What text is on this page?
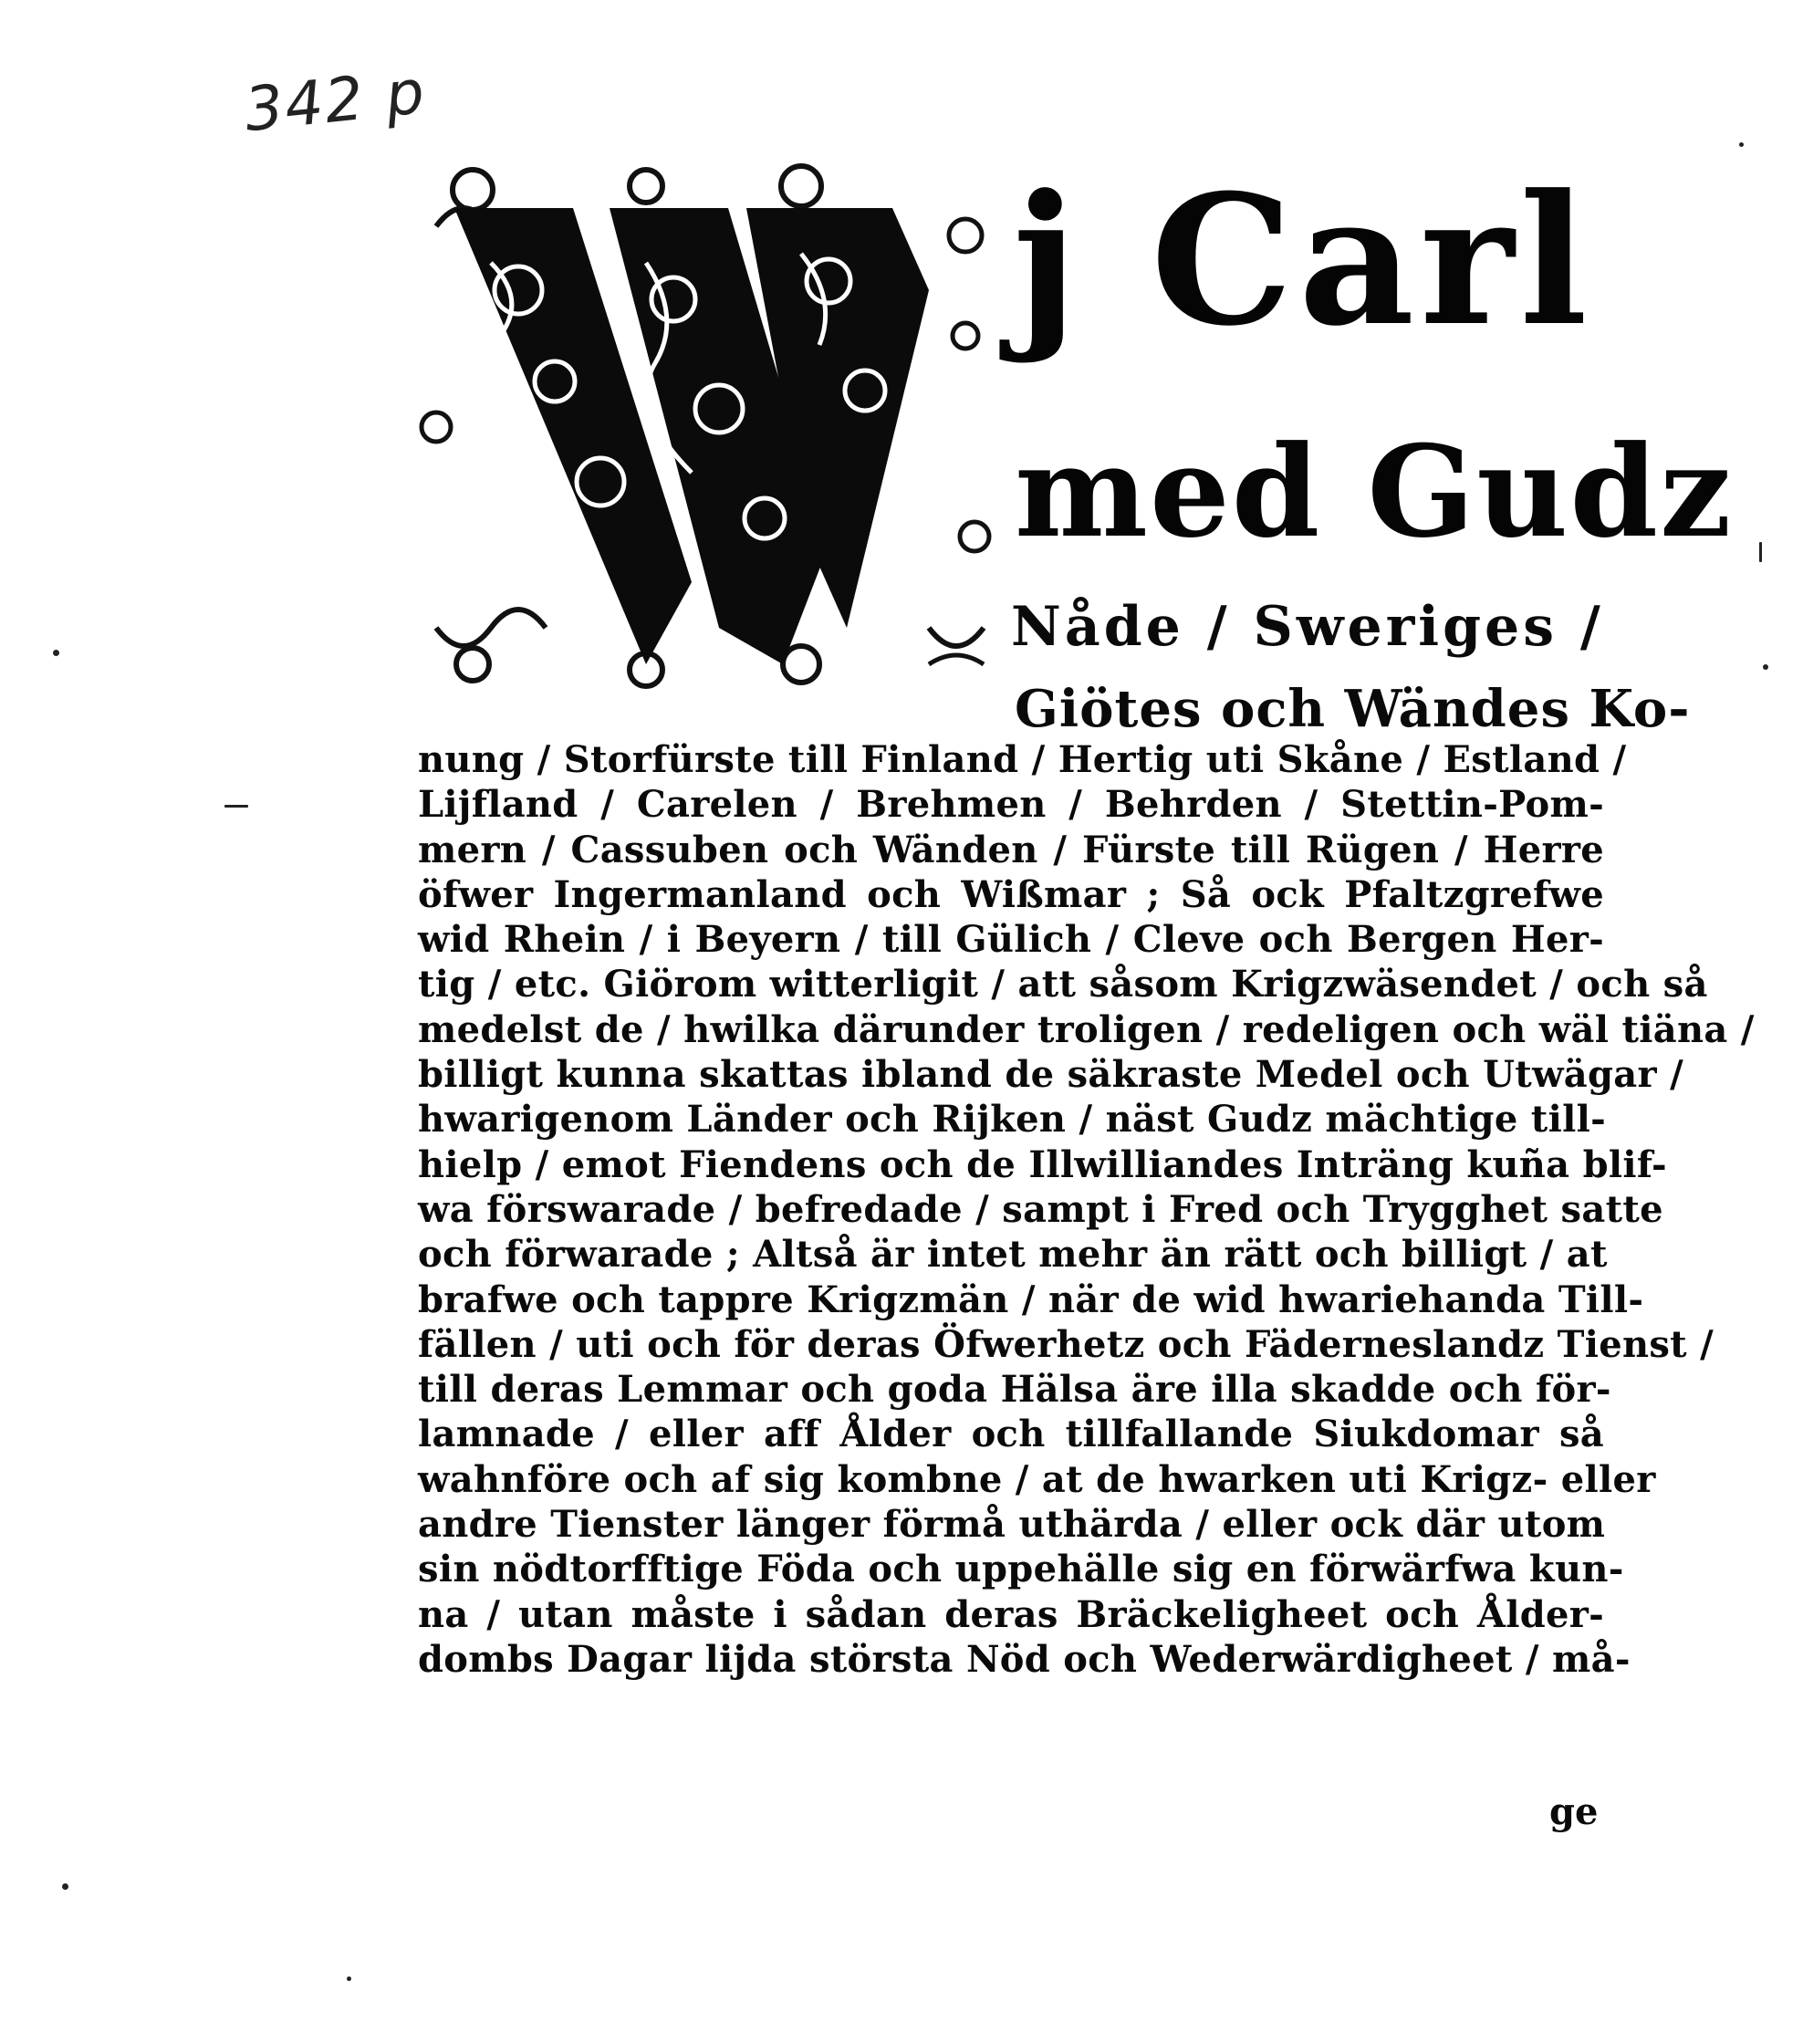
342 p
j Carl
med Gudz
Nåde / Sweriges /
Giötes och Wändes Ko-
nung / Storfürste till Finland / Hertig uti Skåne / Estland /
Lijfland / Carelen / Brehmen / Behrden / Stettin-Pom-
mern / Cassuben och Wänden / Fürste till Rügen / Herre
öfwer Ingermanland och Wißmar ; Så ock Pfaltzgrefwe
wid Rhein / i Beyern / till Gülich / Cleve och Bergen Her-
tig / etc. Giörom witterligit / att såsom Krigzwäsendet / och så
medelst de / hwilka därunder troligen / redeligen och wäl tiäna /
billigt kunna skattas ibland de säkraste Medel och Utwägar /
hwarigenom Länder och Rijken / näst Gudz mächtige till-
hielp / emot Fiendens och de Illwilliandes Inträng kuña blif-
wa förswarade / befredade / sampt i Fred och Trygghet satte
och förwarade ; Altså är intet mehr än rätt och billigt / at
brafwe och tappre Krigzmän / när de wid hwariehanda Till-
fällen / uti och för deras Öfwerhetz och Fäderneslandz Tienst /
till deras Lemmar och goda Hälsa äre illa skadde och för-
lamnade / eller aff Ålder och tillfallande Siukdomar så
wahnföre och af sig kombne / at de hwarken uti Krigz- eller
andre Tienster länger förmå uthärda / eller ock där utom
sin nödtorfftige Föda och uppehälle sig en förwärfwa kun-
na / utan måste i sådan deras Bräckeligheet och Ålder-
dombs Dagar lijda största Nöd och Wederwärdigheet / må-
ge
